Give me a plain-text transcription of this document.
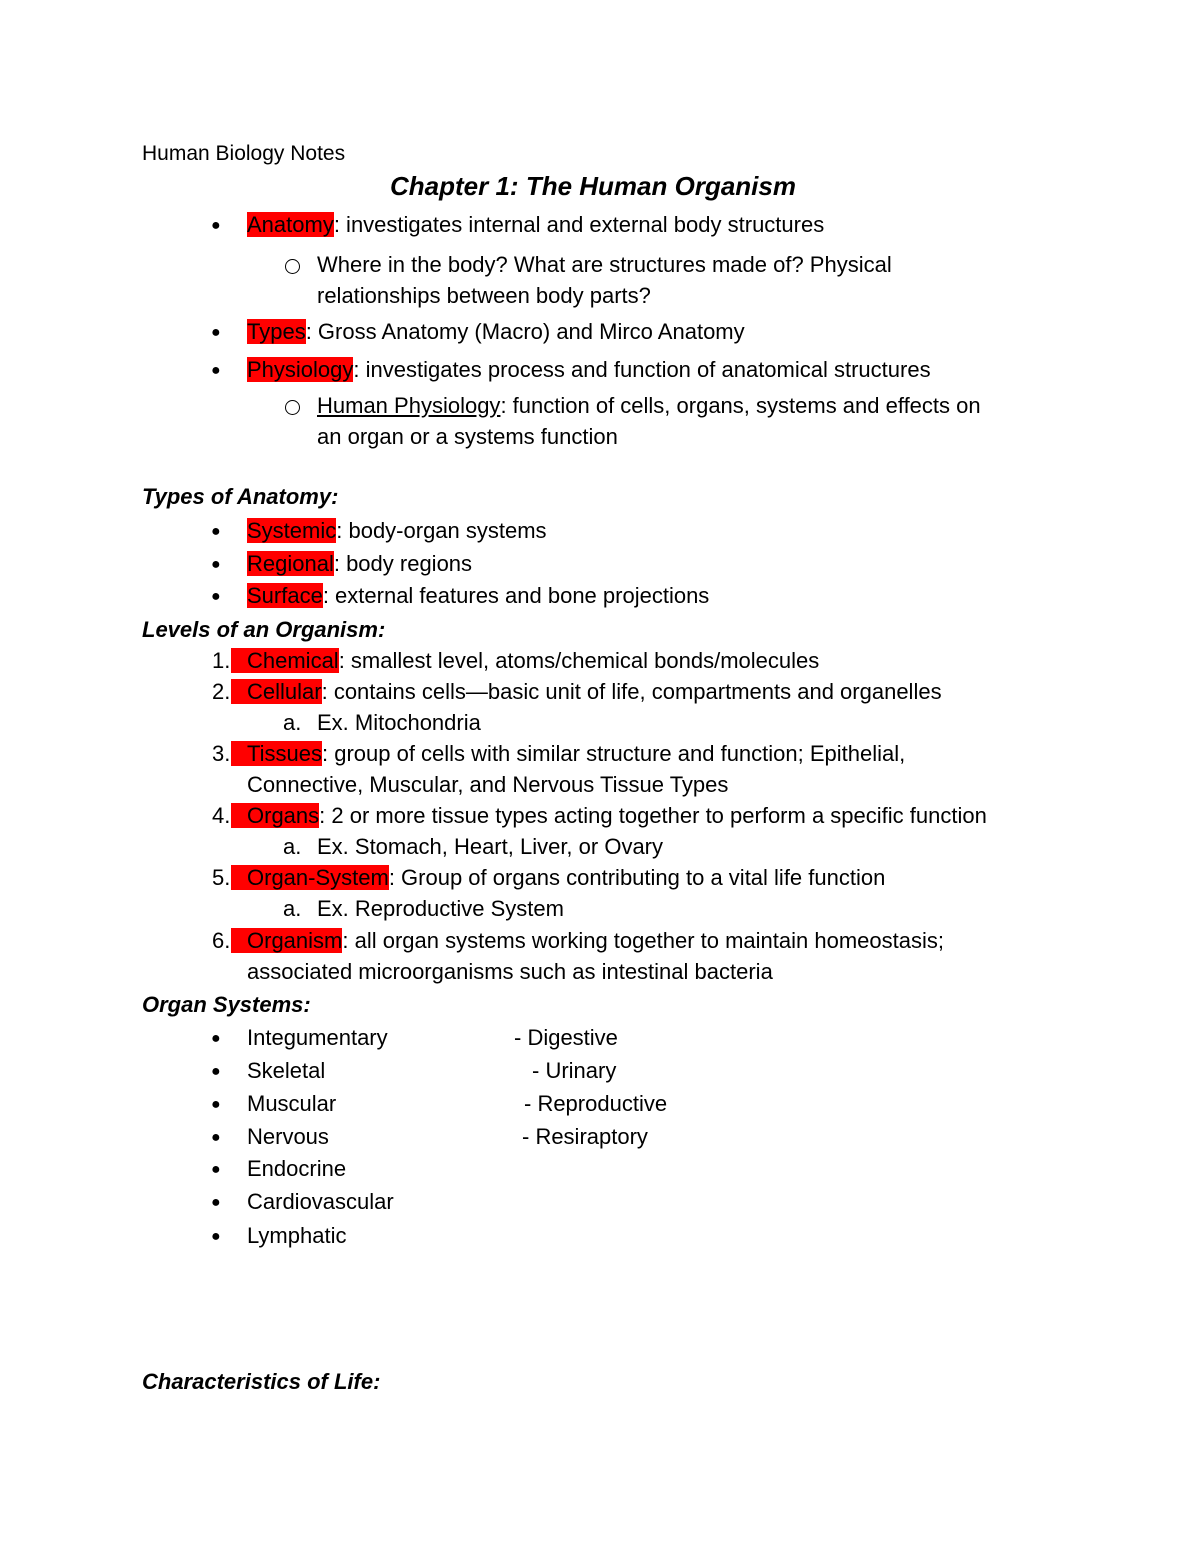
Human Biology Notes
Chapter 1: The Human Organism
● Anatomy: investigates internal and external body structures
Where in the body? What are structures made of? Physical
relationships between body parts?
● Types: Gross Anatomy (Macro) and Mirco Anatomy
● Physiology: investigates process and function of anatomical structures
Human Physiology: function of cells, organs, systems and effects on
an organ or a systems function
Types of Anatomy:
● Systemic: body-organ systems
● Regional: body regions
● Surface: external features and bone projections
Levels of an Organism:
1. Chemical: smallest level, atoms/chemical bonds/molecules
2. Cellular: contains cells—basic unit of life, compartments and organelles
a. Ex. Mitochondria
3. Tissues: group of cells with similar structure and function; Epithelial,
Connective, Muscular, and Nervous Tissue Types
4. Organs: 2 or more tissue types acting together to perform a specific function
a. Ex. Stomach, Heart, Liver, or Ovary
5. Organ-System: Group of organs contributing to a vital life function
a. Ex. Reproductive System
6. Organism: all organ systems working together to maintain homeostasis;
associated microorganisms such as intestinal bacteria
Organ Systems:
● Integumentary
● Skeletal
● Muscular
● Nervous
● Endocrine
● Cardiovascular
● Lymphatic
- Digestive
- Urinary
- Reproductive
- Resiraptory
Characteristics of Life:
